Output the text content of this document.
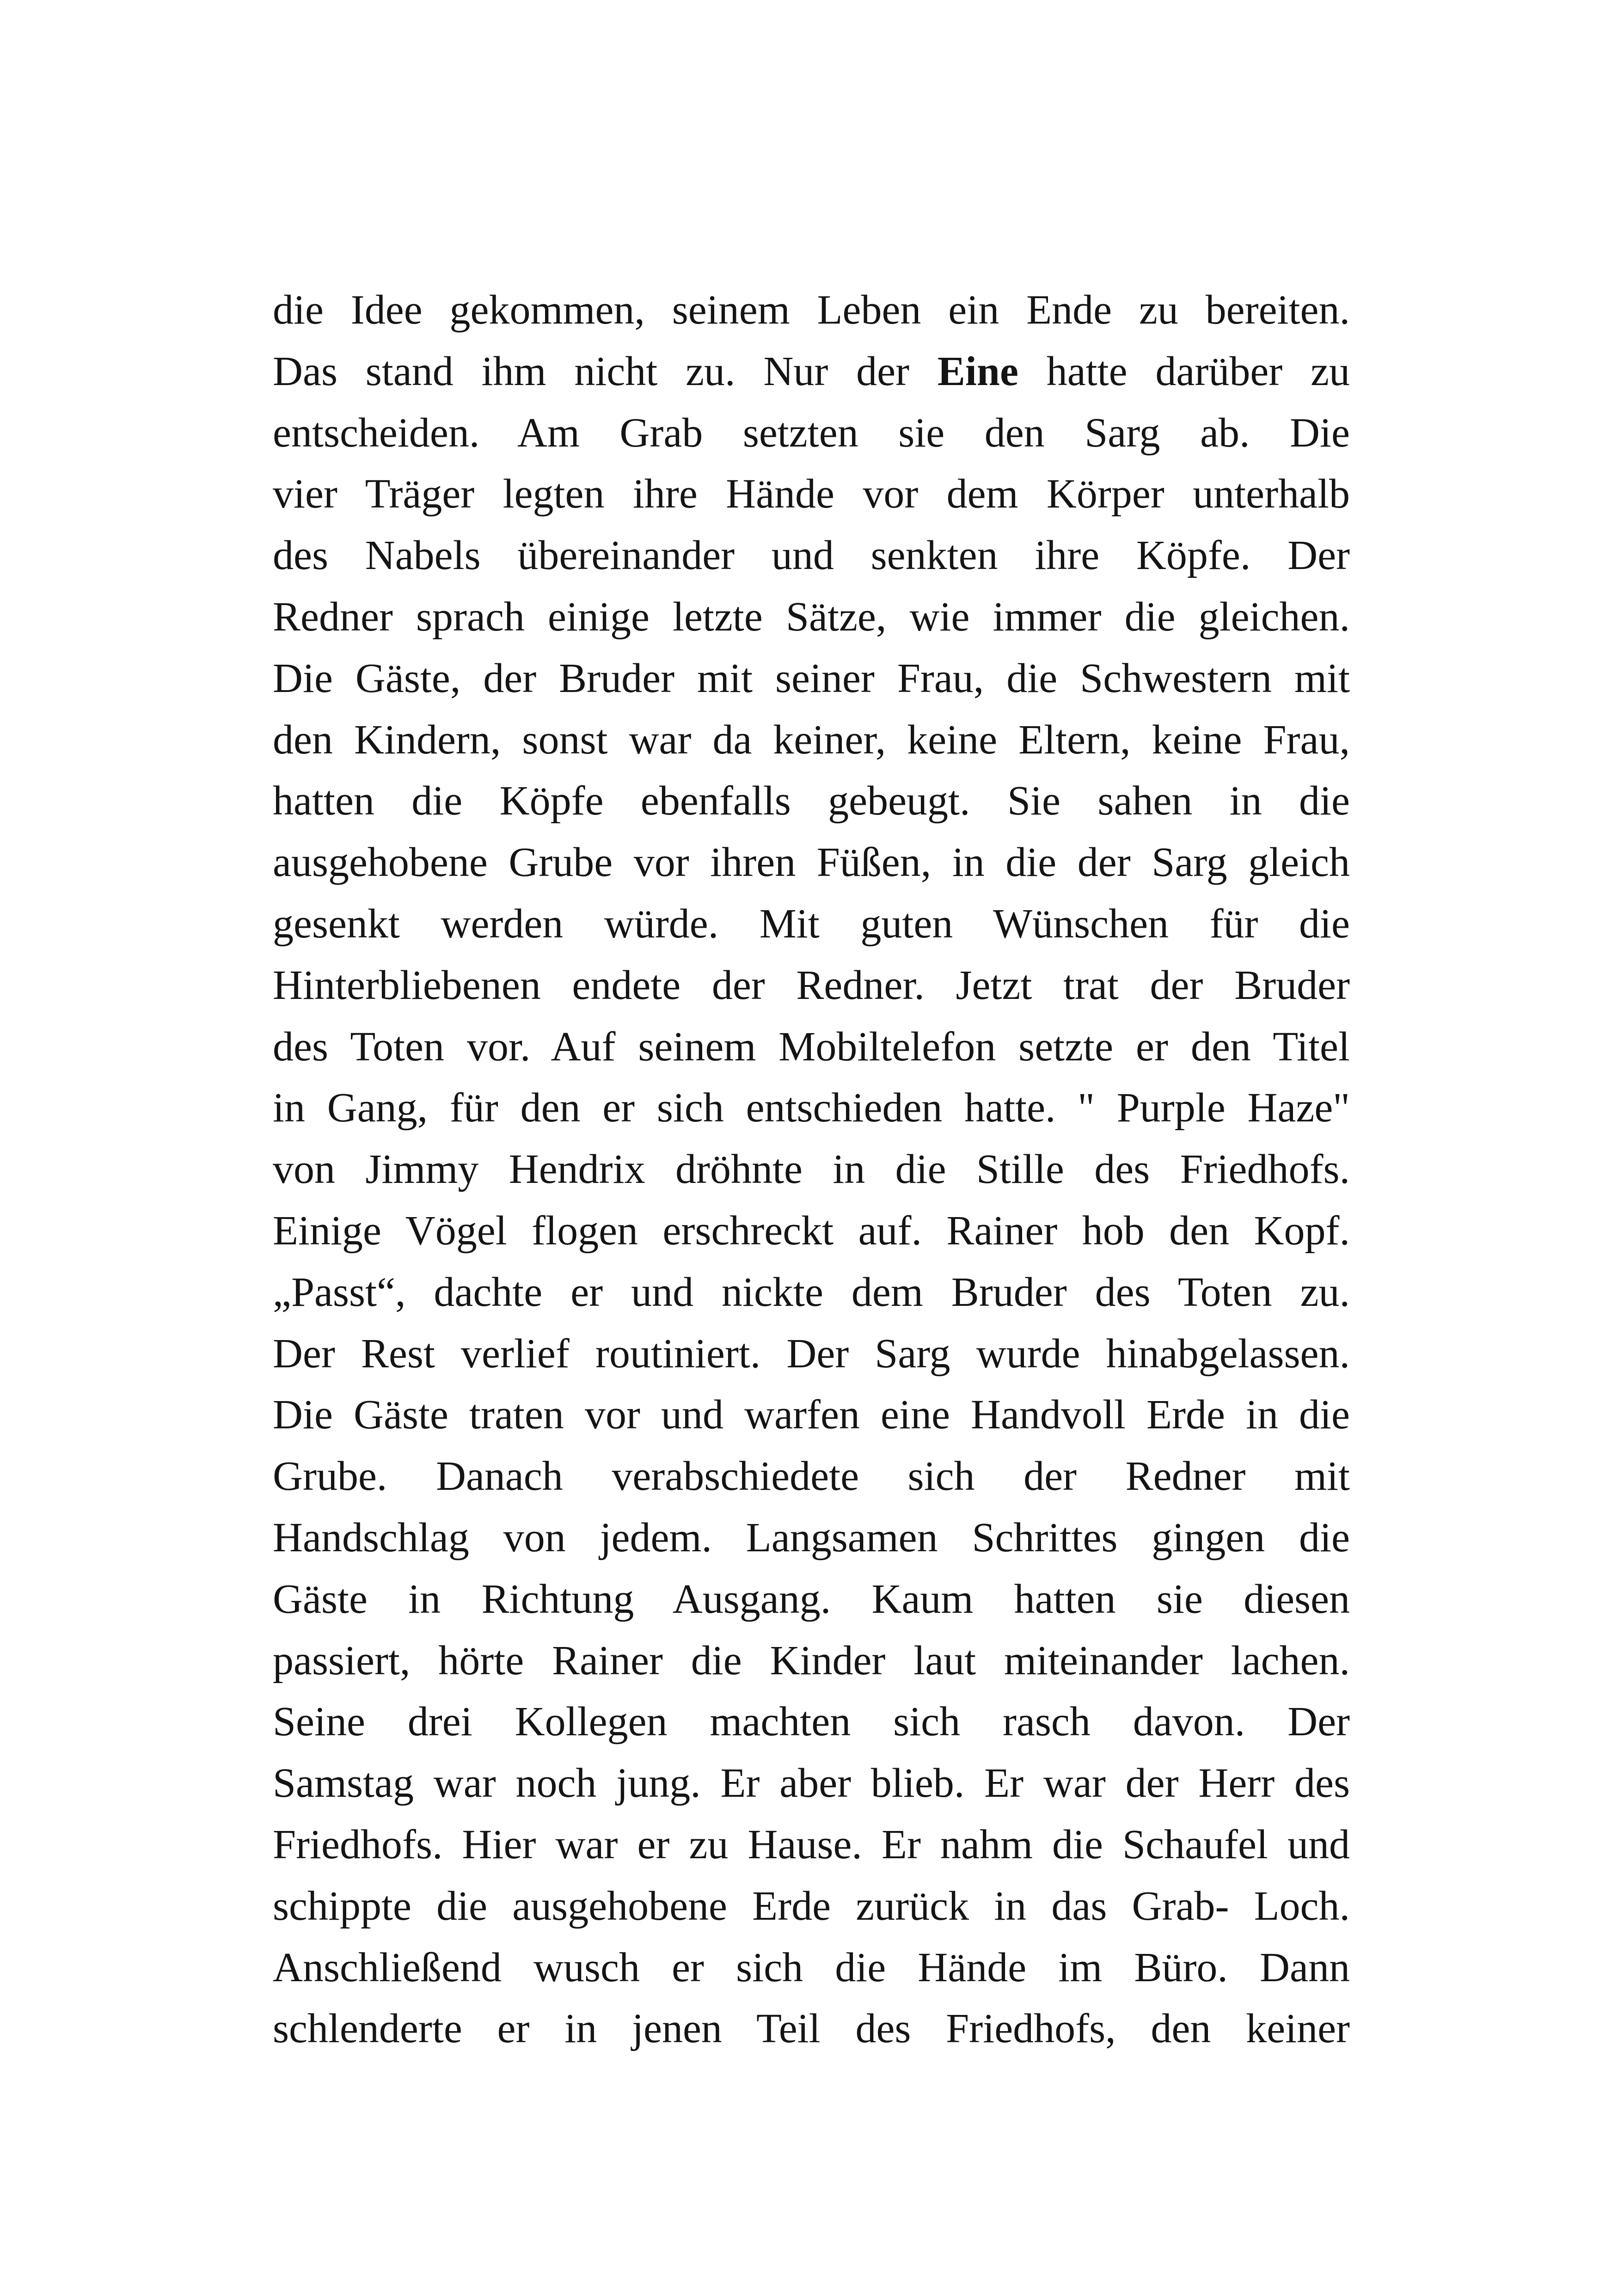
die Idee gekommen, seinem Leben ein Ende zu bereiten.
Das stand ihm nicht zu. Nur der Eine hatte darüber zu
entscheiden. Am Grab setzten sie den Sarg ab. Die
vier Träger legten ihre Hände vor dem Körper unterhalb
des Nabels übereinander und senkten ihre Köpfe. Der
Redner sprach einige letzte Sätze, wie immer die gleichen.
Die Gäste, der Bruder mit seiner Frau, die Schwestern mit
den Kindern, sonst war da keiner, keine Eltern, keine Frau,
hatten die Köpfe ebenfalls gebeugt. Sie sahen in die
ausgehobene Grube vor ihren Füßen, in die der Sarg gleich
gesenkt werden würde. Mit guten Wünschen für die
Hinterbliebenen endete der Redner. Jetzt trat der Bruder
des Toten vor. Auf seinem Mobiltelefon setzte er den Titel
in Gang, für den er sich entschieden hatte. " Purple Haze"
von Jimmy Hendrix dröhnte in die Stille des Friedhofs.
Einige Vögel flogen erschreckt auf. Rainer hob den Kopf.
„Passt“, dachte er und nickte dem Bruder des Toten zu.
Der Rest verlief routiniert. Der Sarg wurde hinabgelassen.
Die Gäste traten vor und warfen eine Handvoll Erde in die
Grube. Danach verabschiedete sich der Redner mit
Handschlag von jedem. Langsamen Schrittes gingen die
Gäste in Richtung Ausgang. Kaum hatten sie diesen
passiert, hörte Rainer die Kinder laut miteinander lachen.
Seine drei Kollegen machten sich rasch davon. Der
Samstag war noch jung. Er aber blieb. Er war der Herr des
Friedhofs. Hier war er zu Hause. Er nahm die Schaufel und
schippte die ausgehobene Erde zurück in das Grab- Loch.
Anschließend wusch er sich die Hände im Büro. Dann
schlenderte er in jenen Teil des Friedhofs, den keiner
